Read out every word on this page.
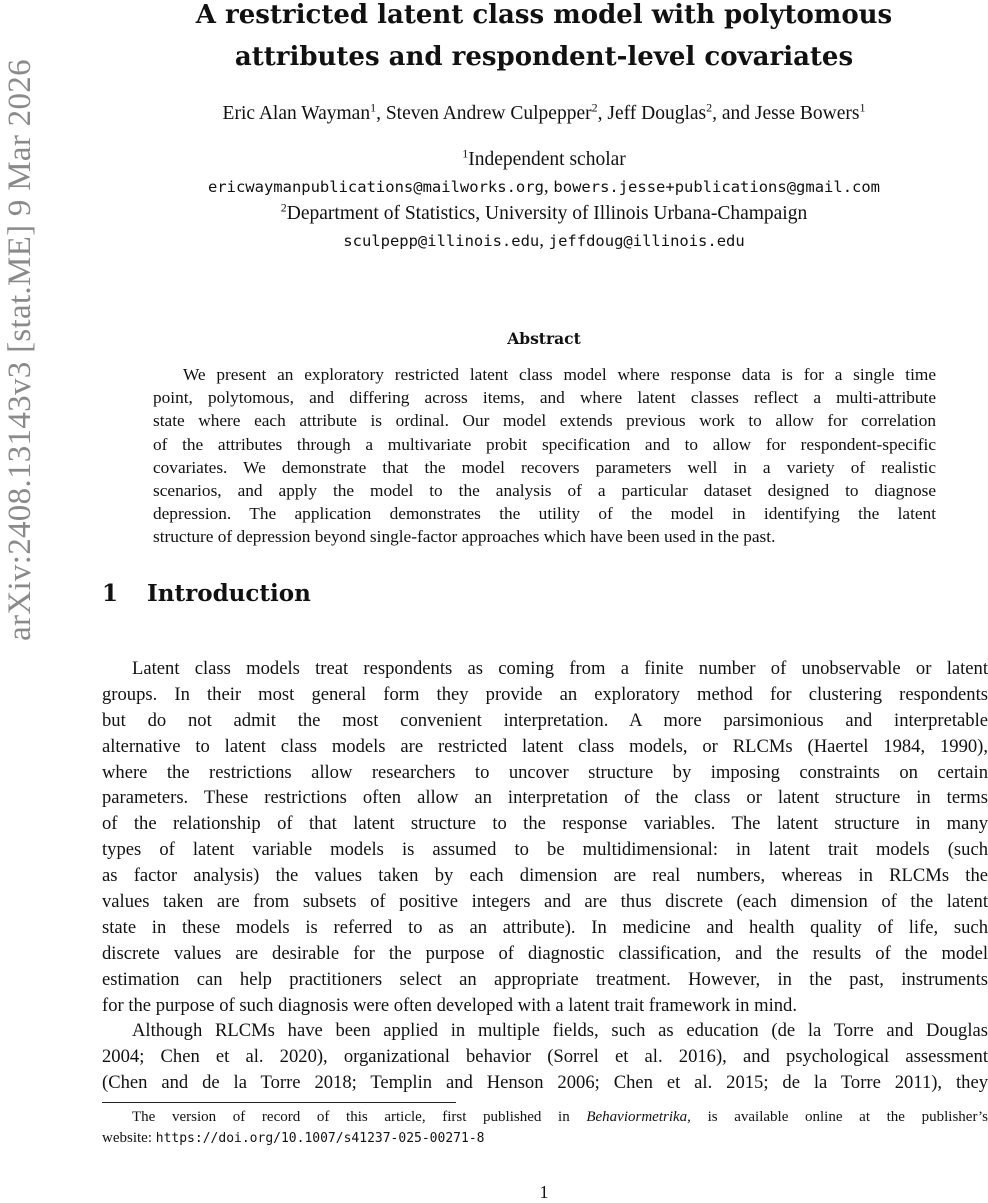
arXiv:2408.13143v3 [stat.ME] 9 Mar 2026
A restricted latent class model with polytomous
attributes and respondent-level covariates
Eric Alan Wayman$^1$, Steven Andrew Culpepper$^2$, Jeff Douglas$^2$, and Jesse Bowers$^1$
$^1$Independent scholar
ericwaymanpublications@mailworks.org, bowers.jesse+publications@gmail.com
$^2$Department of Statistics, University of Illinois Urbana-Champaign
sculpepp@illinois.edu, jeffdoug@illinois.edu
Abstract
We present an exploratory restricted latent class model where response data is for a single time
point, polytomous, and differing across items, and where latent classes reflect a multi-attribute
state where each attribute is ordinal. Our model extends previous work to allow for correlation
of the attributes through a multivariate probit specification and to allow for respondent-specific
covariates. We demonstrate that the model recovers parameters well in a variety of realistic
scenarios, and apply the model to the analysis of a particular dataset designed to diagnose
depression. The application demonstrates the utility of the model in identifying the latent
structure of depression beyond single-factor approaches which have been used in the past.
1 Introduction
Latent class models treat respondents as coming from a finite number of unobservable or latent
groups. In their most general form they provide an exploratory method for clustering respondents
but do not admit the most convenient interpretation. A more parsimonious and interpretable
alternative to latent class models are restricted latent class models, or RLCMs (Haertel 1984, 1990),
where the restrictions allow researchers to uncover structure by imposing constraints on certain
parameters. These restrictions often allow an interpretation of the class or latent structure in terms
of the relationship of that latent structure to the response variables. The latent structure in many
types of latent variable models is assumed to be multidimensional: in latent trait models (such
as factor analysis) the values taken by each dimension are real numbers, whereas in RLCMs the
values taken are from subsets of positive integers and are thus discrete (each dimension of the latent
state in these models is referred to as an attribute). In medicine and health quality of life, such
discrete values are desirable for the purpose of diagnostic classification, and the results of the model
estimation can help practitioners select an appropriate treatment. However, in the past, instruments
for the purpose of such diagnosis were often developed with a latent trait framework in mind.
Although RLCMs have been applied in multiple fields, such as education (de la Torre and Douglas
2004; Chen et al. 2020), organizational behavior (Sorrel et al. 2016), and psychological assessment
(Chen and de la Torre 2018; Templin and Henson 2006; Chen et al. 2015; de la Torre 2011), they
The version of record of this article, first published in Behaviormetrika, is available online at the publisher’s
website: https://doi.org/10.1007/s41237-025-00271-8
1
